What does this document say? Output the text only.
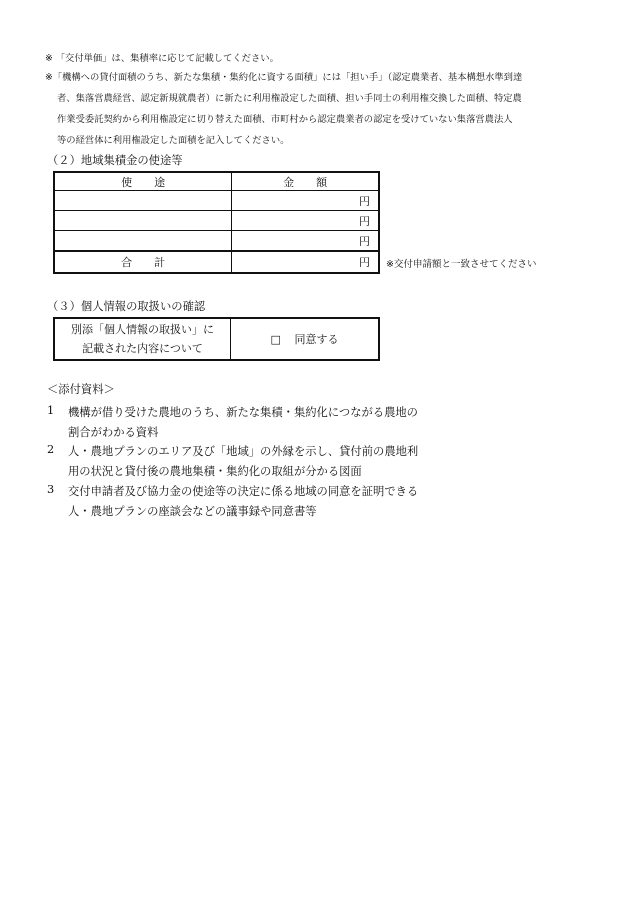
※ 「交付単価」は、集積率に応じて記載してください。
※「機構への貸付面積のうち、新たな集積・集約化に資する面積」には「担い手」（認定農業者、基本構想水準到達
者、集落営農経営、認定新規就農者）に新たに利用権設定した面積、担い手同士の利用権交換した面積、特定農
作業受委託契約から利用権設定に切り替えた面積、市町村から認定農業者の認定を受けていない集落営農法人
等の経営体に利用権設定した面積を記入してください。
（２）地域集積金の使途等
使　　途	金　　額
	円
	円
	円
合　　計	円 ※交付申請額と一致させてください
（３）個人情報の取扱いの確認
別添「個人情報の取扱い」に
記載された内容について
	□ 同意する
＜添付資料＞
1 機構が借り受けた農地のうち、新たな集積・集約化につながる農地の
割合がわかる資料
2 人・農地プランのエリア及び「地域」の外縁を示し、貸付前の農地利
用の状況と貸付後の農地集積・集約化の取組が分かる図面
3 交付申請者及び協力金の使途等の決定に係る地域の同意を証明できる
人・農地プランの座談会などの議事録や同意書等
